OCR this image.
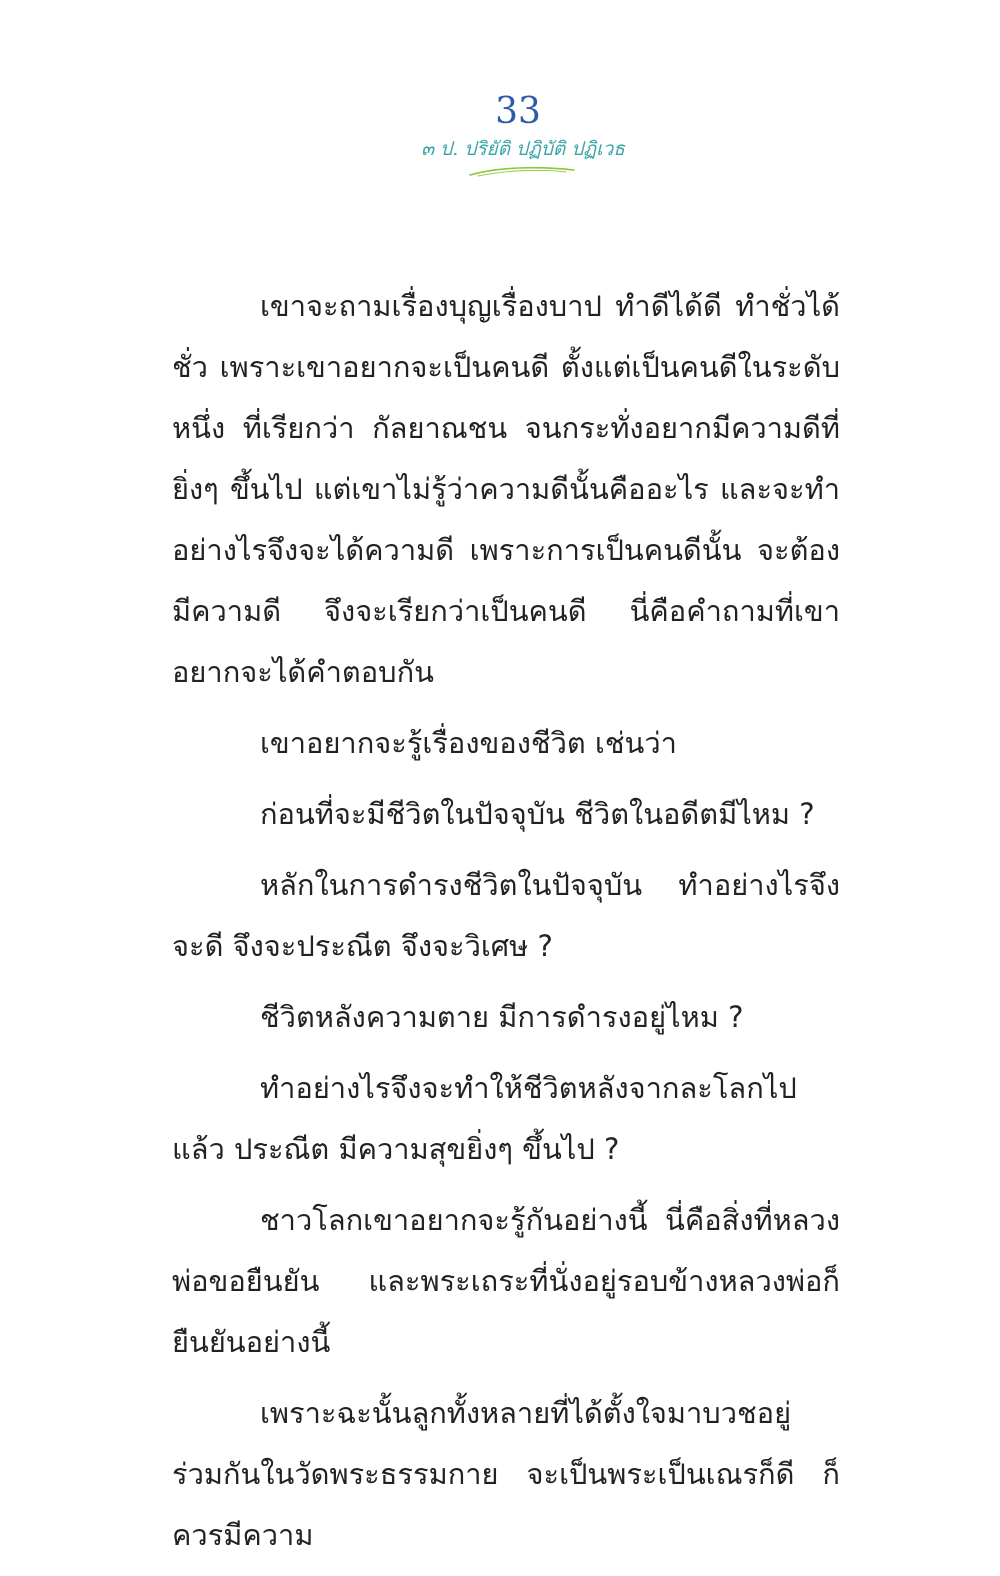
33
๓ ป. ปริยัติ ปฏิบัติ ปฏิเวธ

เขาจะถามเรื่องบุญเรื่องบาป ทำดีได้ดี ทำชั่วได้ชั่ว เพราะเขาอยากจะเป็นคนดี ตั้งแต่เป็นคนดีในระดับหนึ่ง ที่เรียกว่า กัลยาณชน จนกระทั่งอยากมีความดีที่ยิ่งๆ ขึ้นไป แต่เขาไม่รู้ว่าความดีนั้นคืออะไร และจะทำอย่างไรจึงจะได้ความดี เพราะการเป็นคนดีนั้น จะต้องมีความดี จึงจะเรียกว่าเป็นคนดี นี่คือคำถามที่เขาอยากจะได้คำตอบกัน

เขาอยากจะรู้เรื่องของชีวิต เช่นว่า

ก่อนที่จะมีชีวิตในปัจจุบัน ชีวิตในอดีตมีไหม ?

หลักในการดำรงชีวิตในปัจจุบัน ทำอย่างไรจึงจะดี จึงจะประณีต จึงจะวิเศษ ?

ชีวิตหลังความตาย มีการดำรงอยู่ไหม ?

ทำอย่างไรจึงจะทำให้ชีวิตหลังจากละโลกไปแล้ว ประณีต มีความสุขยิ่งๆ ขึ้นไป ?

ชาวโลกเขาอยากจะรู้กันอย่างนี้ นี่คือสิ่งที่หลวงพ่อขอยืนยัน และพระเถระที่นั่งอยู่รอบข้างหลวงพ่อก็ยืนยันอย่างนี้

เพราะฉะนั้นลูกทั้งหลายที่ได้ตั้งใจมาบวชอยู่ร่วมกันในวัดพระธรรมกาย จะเป็นพระเป็นเณรก็ดี ก็ควรมีความ
